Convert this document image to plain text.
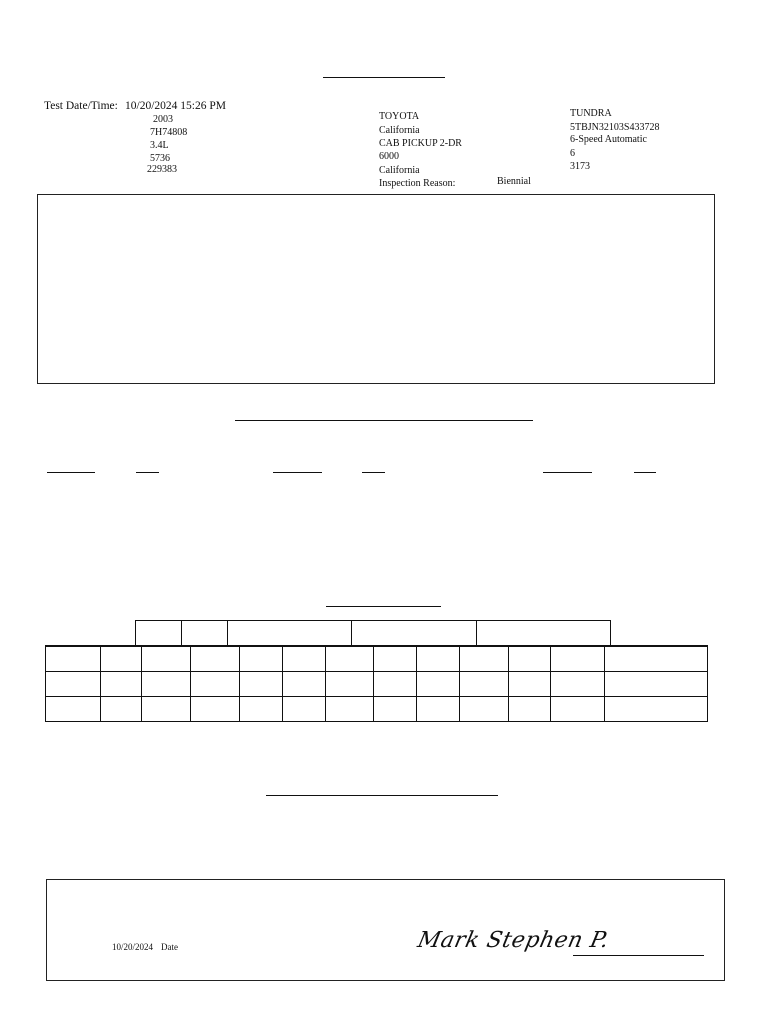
Test Date/Time: 10/20/2024 15:26 PM
2003
7H74808
3.4L
5736
229383
TOYOTA
California
CAB PICKUP 2-DR
6000
California
Inspection Reason:	Biennial
TUNDRA
5TBJN32103S433728
6-Speed Automatic
6
3173

10/20/2024 Date	Mark Stephen P.
